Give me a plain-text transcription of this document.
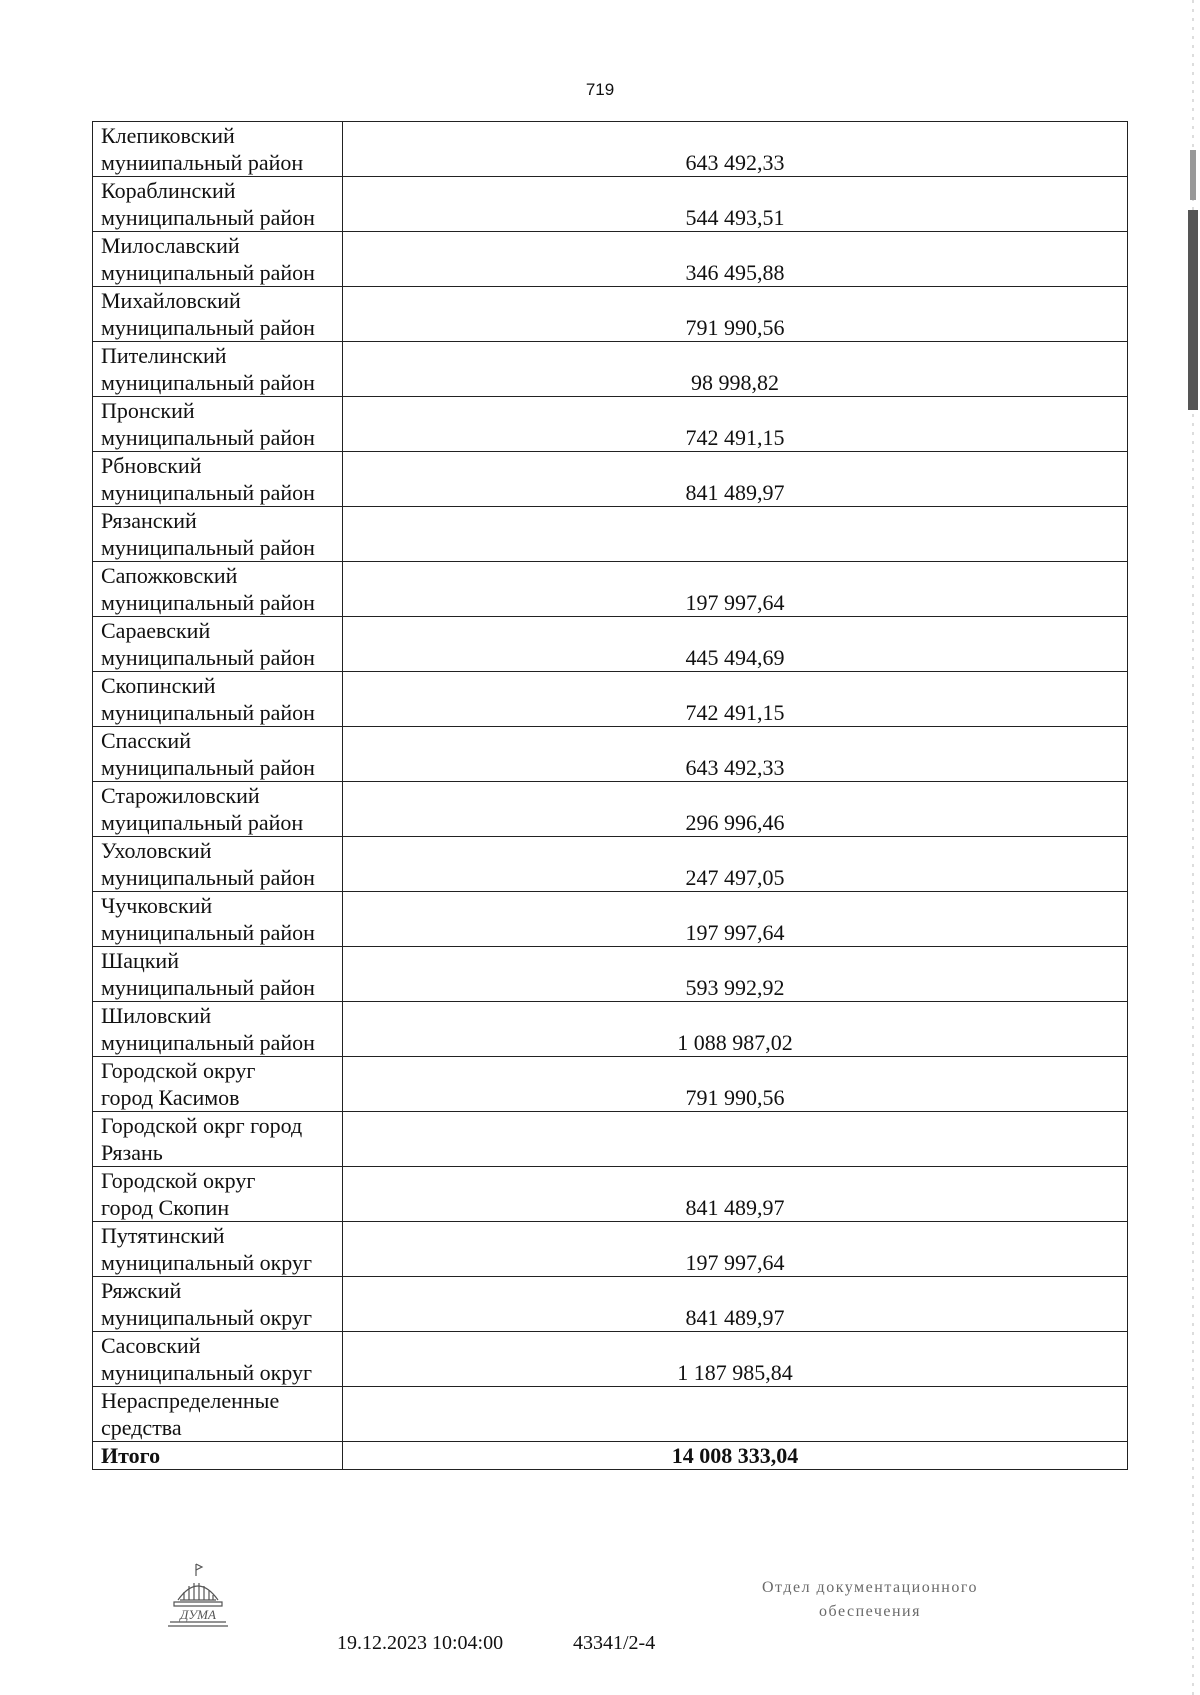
719
Клепиковский
муниипальный район	643 492,33

Кораблинский
муниципальный район	544 493,51

Милославский
муниципальный район	346 495,88

Михайловский
муниципальный район	791 990,56

Пителинский
муниципальный район	98 998,82

Пронский
муниципальный район	742 491,15

Рбновский
муниципальный район	841 489,97

Рязанский
муниципальный район	

Сапожковский
муниципальный район	197 997,64

Сараевский
муниципальный район	445 494,69

Скопинский
муниципальный район	742 491,15

Спасский
муниципальный район	643 492,33

Старожиловский
муиципальный район	296 996,46

Ухоловский
муниципальный район	247 497,05

Чучковский
муниципальный район	197 997,64

Шацкий
муниципальный район	593 992,92

Шиловский
муниципальный район	1 088 987,02

Городской округ
город Касимов	791 990,56

Городской окрг город
Рязань	

Городской округ
город Скопин	841 489,97

Путятинский
муниципальный округ	197 997,64

Ряжский
муниципальный округ	841 489,97

Сасовский
муниципальный округ	1 187 985,84

Нераспределенные
средства	

Итого	14 008 333,04
ДУМА
19.12.2023 10:04:00	43341/2-4
Отдел документационного
обеспечения
